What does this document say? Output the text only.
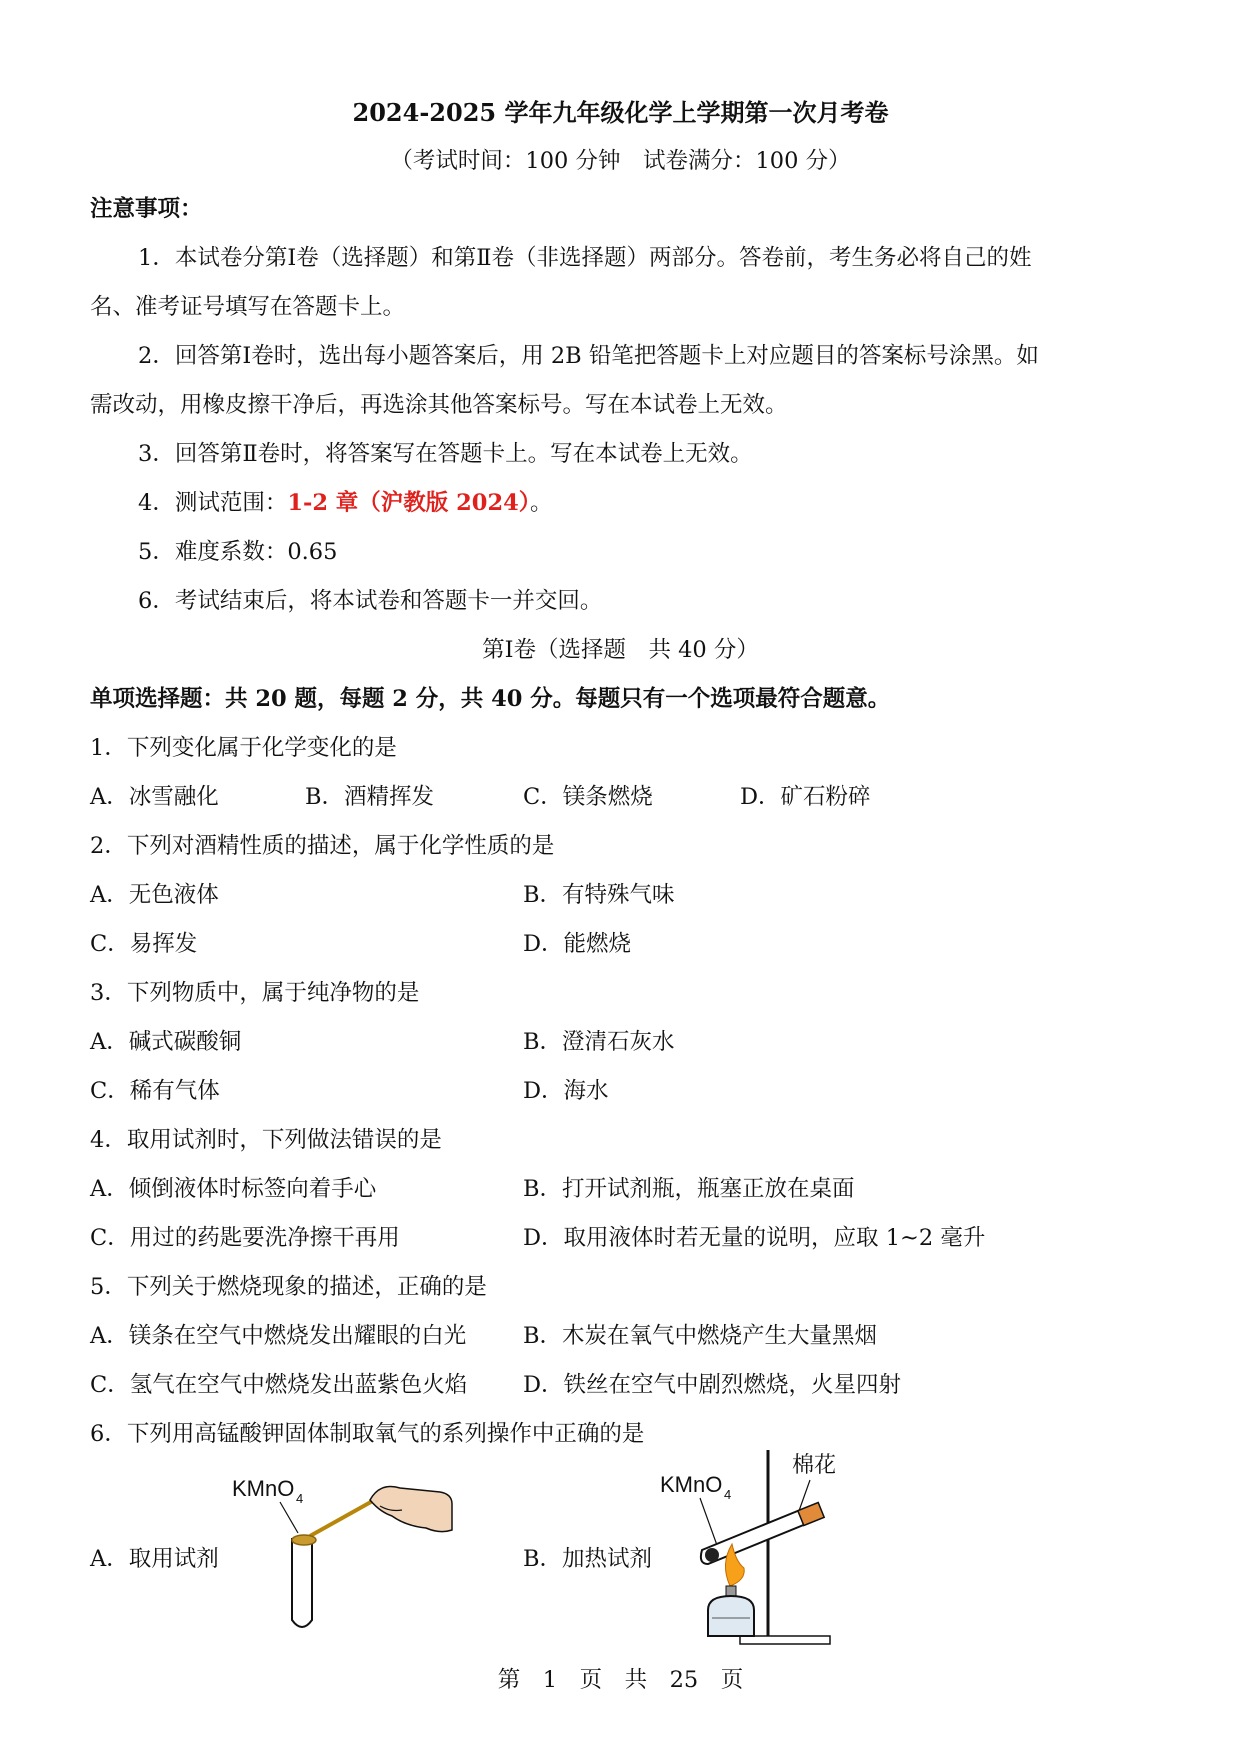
2024-2025 学年九年级化学上学期第一次月考卷
（考试时间：100 分钟　试卷满分：100 分）
注意事项：
1．本试卷分第Ⅰ卷（选择题）和第Ⅱ卷（非选择题）两部分。答卷前，考生务必将自己的姓
名、准考证号填写在答题卡上。
2．回答第Ⅰ卷时，选出每小题答案后，用 2B 铅笔把答题卡上对应题目的答案标号涂黑。如
需改动，用橡皮擦干净后，再选涂其他答案标号。写在本试卷上无效。
3．回答第Ⅱ卷时，将答案写在答题卡上。写在本试卷上无效。
4．测试范围：1-2 章（沪教版 2024）。
5．难度系数：0.65
6．考试结束后，将本试卷和答题卡一并交回。
第Ⅰ卷（选择题　共 40 分）
单项选择题：共 20 题，每题 2 分，共 40 分。每题只有一个选项最符合题意。
1．下列变化属于化学变化的是
A．冰雪融化	B．酒精挥发	C．镁条燃烧	D．矿石粉碎
2．下列对酒精性质的描述，属于化学性质的是
A．无色液体	B．有特殊气味
C．易挥发	D．能燃烧
3．下列物质中，属于纯净物的是
A．碱式碳酸铜	B．澄清石灰水
C．稀有气体	D．海水
4．取用试剂时，下列做法错误的是
A．倾倒液体时标签向着手心	B．打开试剂瓶，瓶塞正放在桌面
C．用过的药匙要洗净擦干再用	D．取用液体时若无量的说明，应取 1~2 毫升
5．下列关于燃烧现象的描述，正确的是
A．镁条在空气中燃烧发出耀眼的白光	B．木炭在氧气中燃烧产生大量黑烟
C．氢气在空气中燃烧发出蓝紫色火焰 D．铁丝在空气中剧烈燃烧，火星四射
6．下列用高锰酸钾固体制取氧气的系列操作中正确的是
A．取用试剂	B．加热试剂
KMnO 4
KMnO 4
棉花
第　1　页　共　25　页
